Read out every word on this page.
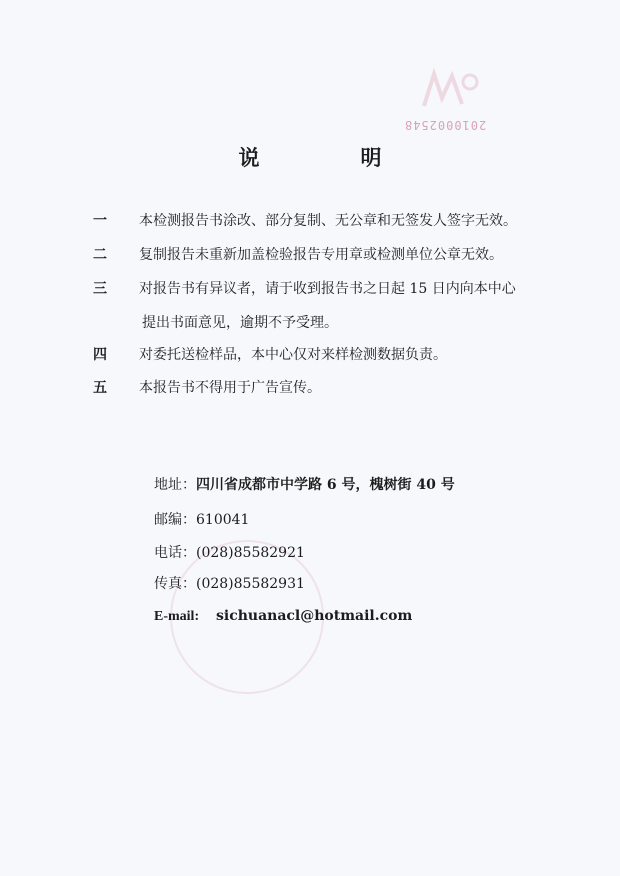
2010002548
说　明
一 本检测报告书涂改、部分复制、无公章和无签发人签字无效。
二 复制报告未重新加盖检验报告专用章或检测单位公章无效。
三 对报告书有异议者，请于收到报告书之日起 15 日内向本中心
提出书面意见，逾期不予受理。
四 对委托送检样品，本中心仅对来样检测数据负责。
五 本报告书不得用于广告宣传。
地址：四川省成都市中学路 6 号，槐树街 40 号
邮编：610041
电话：(028)85582921
传真：(028)85582931
E-mail: sichuanacl@hotmail.com
